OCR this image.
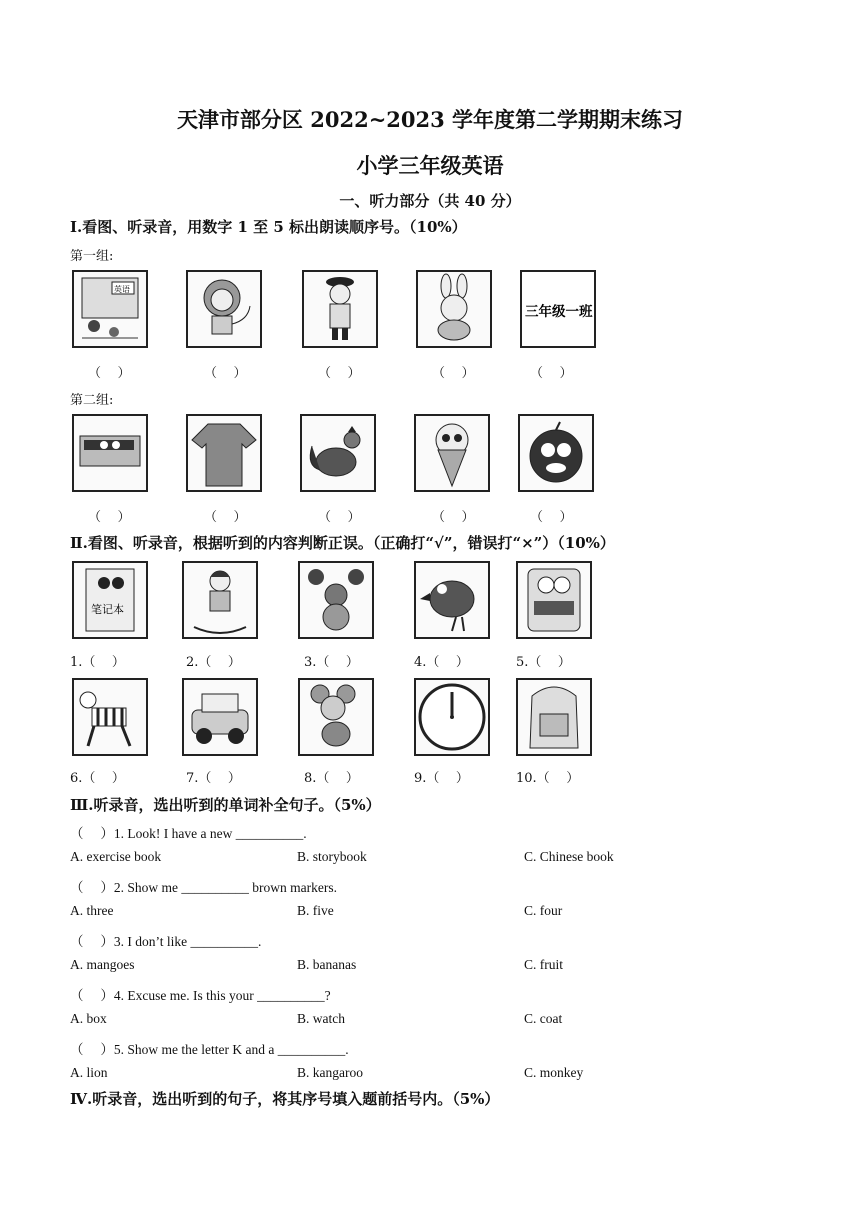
天津市部分区 2022~2023 学年度第二学期期末练习
小学三年级英语
一、听力部分（共 40 分）
Ⅰ.看图、听录音，用数字 1 至 5 标出朗读顺序号。（10%）
第一组:
英语
三年级一班
（    ）	（    ）	（    ）	（    ）	（    ）
第二组:
（    ）	（    ）	（    ）	（    ）	（    ）
Ⅱ.看图、听录音，根据听到的内容判断正误。（正确打“√”，错误打“×”）（10%）
笔记本
1.（    ）	2.（    ）	3.（    ）	4.（    ）	5.（    ）
6.（    ）	7.（    ）	8.（    ）	9.（    ）	10.（    ）
Ⅲ.听录音，选出听到的单词补全句子。（5%）
（     ）1. Look! I have a new __________.
A. exercise book	B. storybook	C. Chinese book
（     ）2. Show me __________ brown markers.
A. three	B. five	C. four
（     ）3. I don’t like __________.
A. mangoes	B. bananas	C. fruit
（     ）4. Excuse me. Is this your __________?
A. box	B. watch	C. coat
（     ）5. Show me the letter K and a __________.
A. lion	B. kangaroo	C. monkey
Ⅳ.听录音，选出听到的句子，将其序号填入题前括号内。（5%）
